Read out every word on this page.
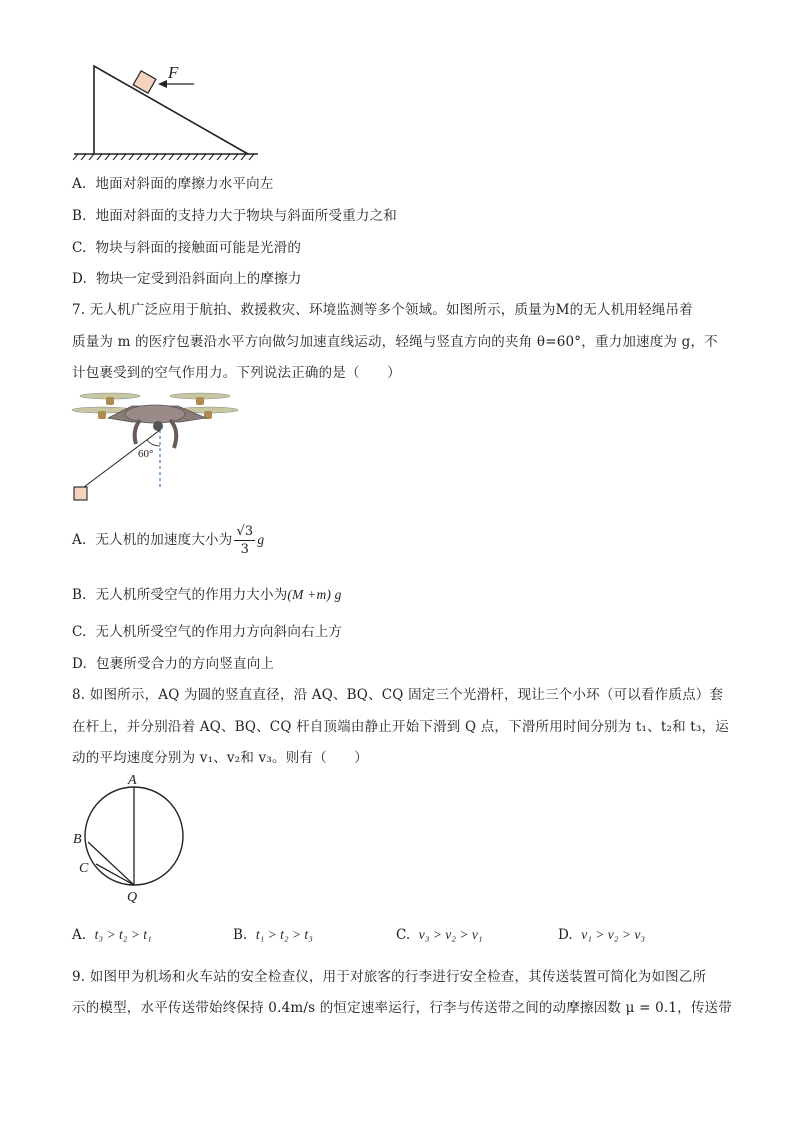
F
A. 地面对斜面的摩擦力水平向左
B. 地面对斜面的支持力大于物块与斜面所受重力之和
C. 物块与斜面的接触面可能是光滑的
D. 物块一定受到沿斜面向上的摩擦力
7. 无人机广泛应用于航拍、救援救灾、环境监测等多个领域。如图所示，质量为M的无人机用轻绳吊着
质量为 m 的医疗包裹沿水平方向做匀加速直线运动，轻绳与竖直方向的夹角 θ=60°，重力加速度为 g，不
计包裹受到的空气作用力。下列说法正确的是（　　）
60°
A. 无人机的加速度大小为 $\frac{√3}{3}$ g
B. 无人机所受空气的作用力大小为(M +m) g
C. 无人机所受空气的作用力方向斜向右上方
D. 包裹所受合力的方向竖直向上
8. 如图所示，AQ 为圆的竖直直径，沿 AQ、BQ、CQ 固定三个光滑杆，现让三个小环（可以看作质点）套
在杆上，并分别沿着 AQ、BQ、CQ 杆自顶端由静止开始下滑到 Q 点，下滑所用时间分别为 t₁、t₂和 t₃，运
动的平均速度分别为 v₁、v₂和 v₃。则有（　　）
A
B
C
Q
A. t₃ > t₂ > t₁	B. t₁ > t₂ > t₃	C. v₃ > v₂ > v₁	D. v₁ > v₂ > v₃
9. 如图甲为机场和火车站的安全检查仪，用于对旅客的行李进行安全检查，其传送装置可简化为如图乙所
示的模型，水平传送带始终保持 0.4m/s 的恒定速率运行，行李与传送带之间的动摩擦因数 μ = 0.1，传送带
